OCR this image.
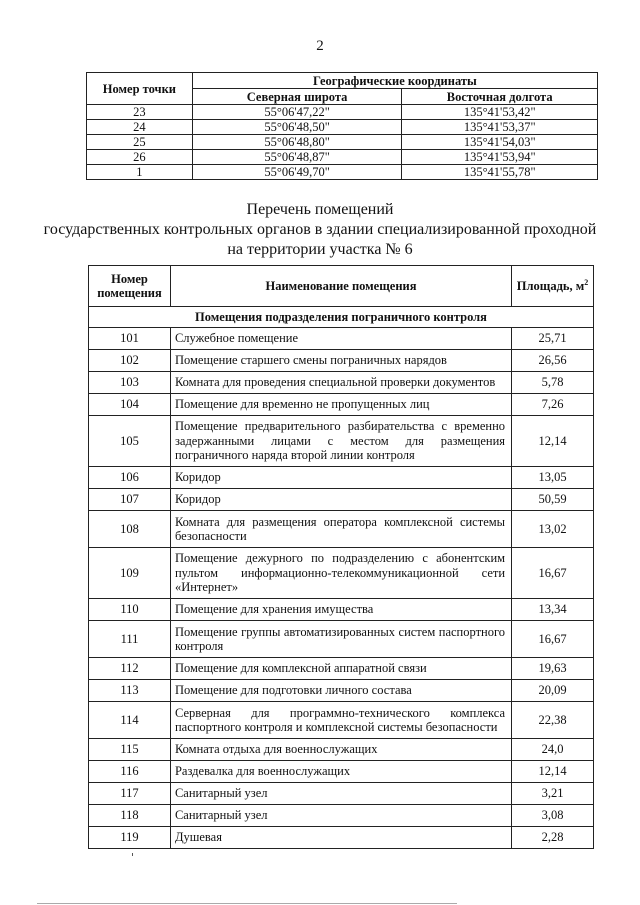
2
Номер точки	Географические координаты	
	Северная широта	Восточная долгота
23	55°06'47,22"	135°41'53,42"
24	55°06'48,50"	135°41'53,37"
25	55°06'48,80"	135°41'54,03"
26	55°06'48,87"	135°41'53,94"
1	55°06'49,70"	135°41'55,78"
Перечень помещений
государственных контрольных органов в здании специализированной проходной
на территории участка № 6
Номер помещения	Наименование помещения	Площадь, $м^2$
Помещения подразделения пограничного контроля		
101	Служебное помещение	25,71
102	Помещение старшего смены пограничных нарядов	26,56
103	Комната для проведения специальной проверки документов	5,78
104	Помещение для временно не пропущенных лиц	7,26
105	Помещение предварительного разбирательства с временно задержанными лицами с местом для размещения пограничного наряда второй линии контроля	12,14
106	Коридор	13,05
107	Коридор	50,59
108	Комната для размещения оператора комплексной системы безопасности	13,02
109	Помещение дежурного по подразделению с абонентским пультом информационно-телекоммуникационной сети «Интернет»	16,67
110	Помещение для хранения имущества	13,34
111	Помещение группы автоматизированных систем паспортного контроля	16,67
112	Помещение для комплексной аппаратной связи	19,63
113	Помещение для подготовки личного состава	20,09
114	Серверная для программно-технического комплекса паспортного контроля и комплексной системы безопасности	22,38
115	Комната отдыха для военнослужащих	24,0
116	Раздевалка для военнослужащих	12,14
117	Санитарный узел	3,21
118	Санитарный узел	3,08
119	Душевая	2,28
